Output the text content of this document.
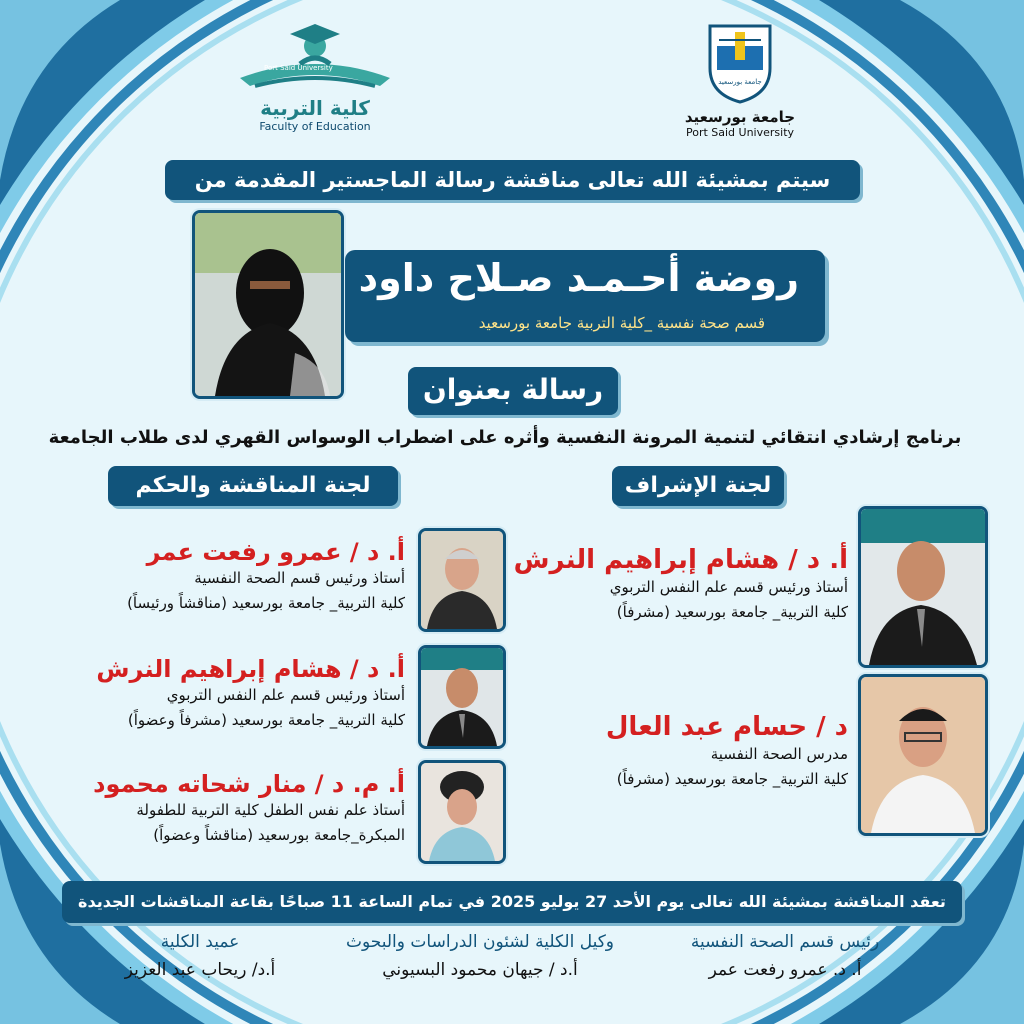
كلية التربية
Faculty of Education
Port Said University
جامعة بورسعيد
جامعة بورسعيد
Port Said University
سيتم بمشيئة الله تعالى مناقشة رسالة الماجستير المقدمة من
روضة أحـمـد صـلاح داود
قسم صحة نفسية _كلية التربية جامعة بورسعيد
رسالة بعنوان
برنامج إرشادي انتقائي لتنمية المرونة النفسية وأثره على اضطراب الوسواس القهري لدى طلاب الجامعة
لجنة المناقشة والحكم	لجنة الإشراف
أ. د / عمرو رفعت عمر
أستاذ ورئيس قسم الصحة النفسية
كلية التربية_ جامعة بورسعيد (مناقشاً ورئيساً)
أ. د / هشام إبراهيم النرش
أستاذ ورئيس قسم علم النفس التربوي
كلية التربية_ جامعة بورسعيد (مشرفاً وعضواً)
أ. م. د / منار شحاته محمود
أستاذ علم نفس الطفل كلية التربية للطفولة
المبكرة_جامعة بورسعيد (مناقشاً وعضواً)
أ. د / هشام إبراهيم النرش
أستاذ ورئيس قسم علم النفس التربوي
كلية التربية_ جامعة بورسعيد (مشرفاً)
د / حسام عبد العال
مدرس الصحة النفسية
كلية التربية_ جامعة بورسعيد (مشرفاً)
تعقد المناقشة بمشيئة الله تعالى يوم الأحد 27 يوليو 2025 في تمام الساعة 11 صباحًا بقاعة المناقشات الجديدة
رئيس قسم الصحة النفسية
أ. د. عمرو رفعت عمر
وكيل الكلية لشئون الدراسات والبحوث
أ.د / جيهان محمود البسيوني
عميد الكلية
أ.د/ ريحاب عبد العزيز
